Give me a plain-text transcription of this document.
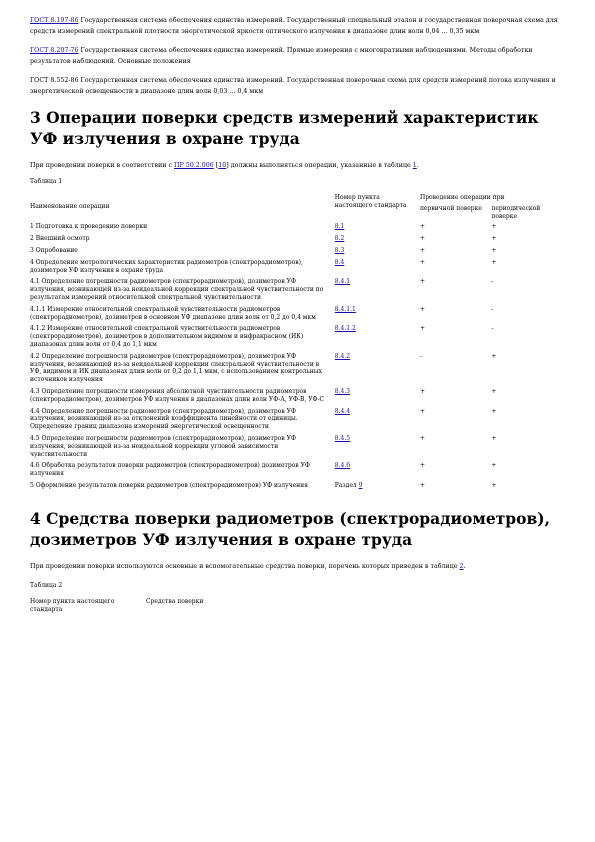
ГОСТ 8.197-86 Государственная система обеспечения единства измерений. Государственный специальный эталон и государственная поверочная схема для средств измерений спектральной плотности энергетической яркости оптического излучения в диапазоне длин волн 0,04 ... 0,35 мкм

ГОСТ 8.207-76 Государственная система обеспечения единства измерений. Прямые измерения с многократными наблюдениями. Методы обработки результатов наблюдений. Основные положения

ГОСТ 8.552-86 Государственная система обеспечения единства измерений. Государственная поверочная схема для средств измерений потока излучения и энергетической освещенности в диапазоне длин волн 0,03 ... 0,4 мкм

3 Операции поверки средств измерений характеристик УФ излучения в охране труда

При проведении поверки в соответствии с ПР 50.2.006 [10] должны выполняться операции, указанные в таблице 1.

Таблица 1

Наименование операции	Номер пункта настоящего стандарта	Проведение операции при	
		первичной поверке	периодической поверке
1 Подготовка к проведению поверки	8.1	+	+
2 Внешний осмотр	8.2	+	+
3 Опробование	8.3	+	+
4 Определение метрологических характеристик радиометров (спектрорадиометров), дозиметров УФ излучения в охране труда	8.4	+	+
4.1 Определение погрешности радиометров (спектрорадиометров), дозиметров УФ излучения, возникающей из-за неидеальной коррекции спектральной чувствительности по результатам измерений относительной спектральной чувствительности	8.4.1	+	-
4.1.1 Измерение относительной спектральной чувствительности радиометров (спектрорадиометров), дозиметров в основном УФ диапазоне длин волн от 0,2 до 0,4 мкм	8.4.1.1	+	-
4.1.2 Измерение относительной спектральной чувствительности радиометров (спектрорадиометров), дозиметров в дополнительном видимом и инфракрасном (ИК) диапазонах длин волн от 0,4 до 1,1 мкм	8.4.1.2	+	-
4.2 Определение погрешности радиометров (спектрорадиометров), дозиметров УФ излучения, возникающей из-за неидеальной коррекции спектральной чувствительности в УФ, видимом и ИК диапазонах длин волн от 0,2 до 1,1 мкм, с использованием контрольных источников излучения	8.4.2	-	+
4.3 Определение погрешности измерения абсолютной чувствительности радиометров (спектрорадиометров), дозиметров УФ излучения в диапазонах длин волн УФ-А, УФ-В, УФ-С	8.4.3	+	+
4.4 Определение погрешности радиометров (спектрорадиометров), дозиметров УФ излучения, возникающей из-за отклонений коэффициента линейности от единицы. Определение границ диапазона измерений энергетической освещенности	8.4.4	+	+
4.5 Определение погрешности радиометров (спектрорадиометров), дозиметров УФ излучения, возникающей из-за неидеальной коррекции угловой зависимости чувствительности	8.4.5	+	+
4.6 Обработка результатов поверки радиометров (спектрорадиометров) дозиметров УФ излучения	8.4.6	+	+
5 Оформление результатов поверки радиометров (спектрорадиометров) УФ излучения	Раздел 9	+	+
4 Средства поверки радиометров (спектрорадиометров), дозиметров УФ излучения в охране труда

При проведении поверки используются основные и вспомогательные средства поверки, перечень которых приведен в таблице 2.

Таблица 2

Номер пункта настоящего стандарта	Средства поверки
